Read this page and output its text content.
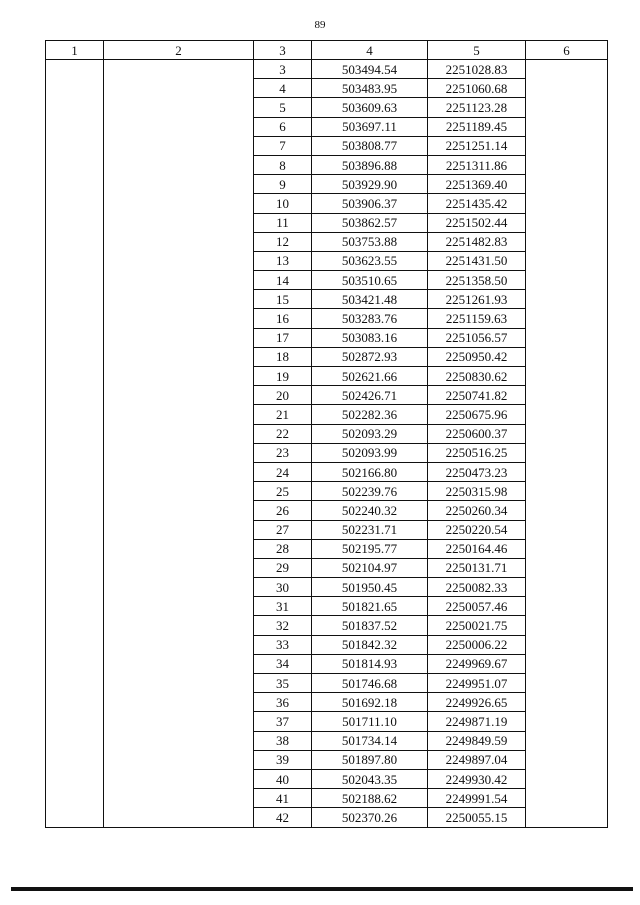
89
1	2	3	4	5	6
		3	503494.54	2251028.83	
		4	503483.95	2251060.68	
		5	503609.63	2251123.28	
		6	503697.11	2251189.45	
		7	503808.77	2251251.14	
		8	503896.88	2251311.86	
		9	503929.90	2251369.40	
		10	503906.37	2251435.42	
		11	503862.57	2251502.44	
		12	503753.88	2251482.83	
		13	503623.55	2251431.50	
		14	503510.65	2251358.50	
		15	503421.48	2251261.93	
		16	503283.76	2251159.63	
		17	503083.16	2251056.57	
		18	502872.93	2250950.42	
		19	502621.66	2250830.62	
		20	502426.71	2250741.82	
		21	502282.36	2250675.96	
		22	502093.29	2250600.37	
		23	502093.99	2250516.25	
		24	502166.80	2250473.23	
		25	502239.76	2250315.98	
		26	502240.32	2250260.34	
		27	502231.71	2250220.54	
		28	502195.77	2250164.46	
		29	502104.97	2250131.71	
		30	501950.45	2250082.33	
		31	501821.65	2250057.46	
		32	501837.52	2250021.75	
		33	501842.32	2250006.22	
		34	501814.93	2249969.67	
		35	501746.68	2249951.07	
		36	501692.18	2249926.65	
		37	501711.10	2249871.19	
		38	501734.14	2249849.59	
		39	501897.80	2249897.04	
		40	502043.35	2249930.42	
		41	502188.62	2249991.54	
		42	502370.26	2250055.15	
